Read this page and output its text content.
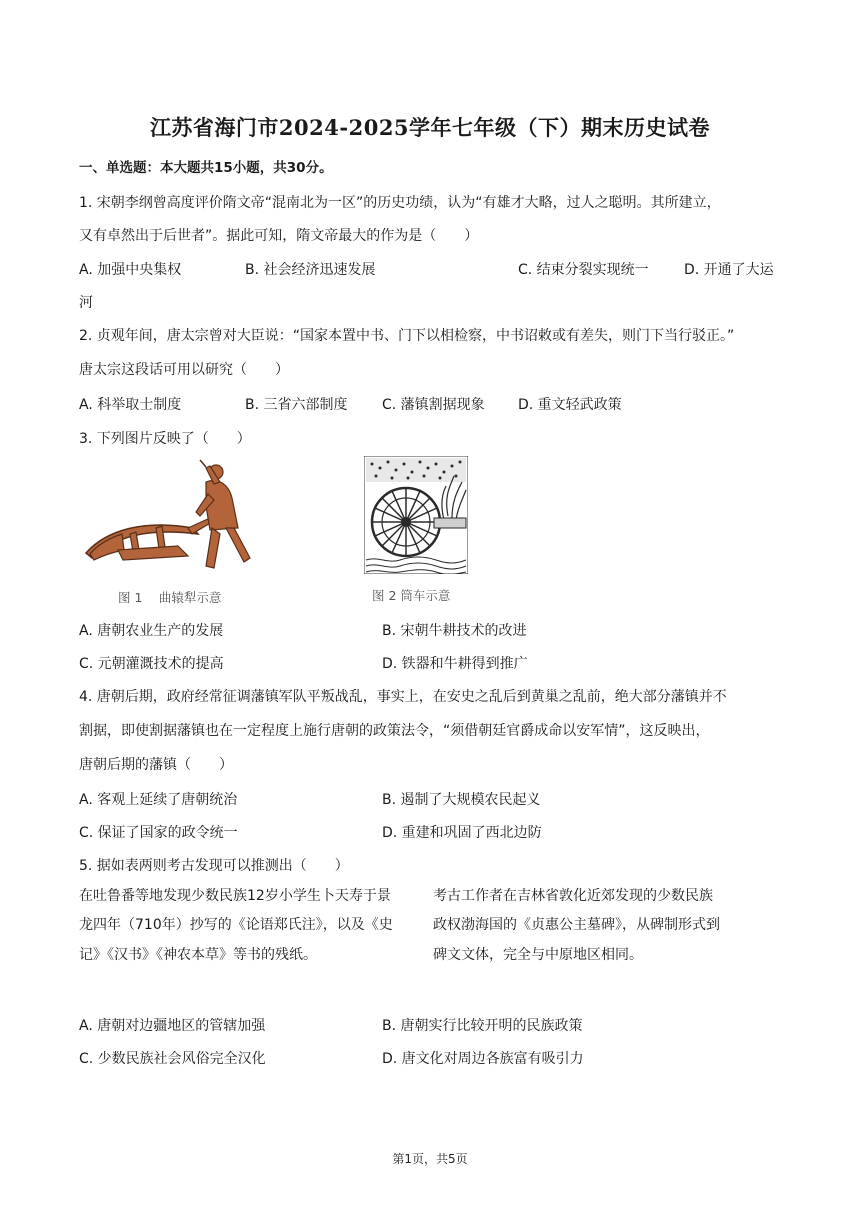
江苏省海门市2024-2025学年七年级（下）期末历史试卷
一、单选题：本大题共15小题，共30分。
1. 宋朝李纲曾高度评价隋文帝“混南北为一区”的历史功绩，认为“有雄才大略，过人之聪明。其所建立，
又有卓然出于后世者”。据此可知，隋文帝最大的作为是（　　）
A. 加强中央集权	B. 社会经济迅速发展	C. 结束分裂实现统一	D. 开通了大运
河
2. 贞观年间，唐太宗曾对大臣说：“国家本置中书、门下以相检察，中书诏敕或有差失，则门下当行驳正。”
唐太宗这段话可用以研究（　　）
A. 科举取士制度	B. 三省六部制度 C. 藩镇割据现象 D. 重文轻武政策
3. 下列图片反映了（　　）
图 1　 曲辕犁示意	图 2 筒车示意
A. 唐朝农业生产的发展	B. 宋朝牛耕技术的改进
C. 元朝灌溉技术的提高	D. 铁器和牛耕得到推广
4. 唐朝后期，政府经常征调藩镇军队平叛战乱，事实上，在安史之乱后到黄巢之乱前，绝大部分藩镇并不
割据，即使割据藩镇也在一定程度上施行唐朝的政策法令，“须借朝廷官爵成命以安军情”，这反映出，
唐朝后期的藩镇（　　）
A. 客观上延续了唐朝统治	B. 遏制了大规模农民起义
C. 保证了国家的政令统一	D. 重建和巩固了西北边防
5. 据如表两则考古发现可以推测出（　　）
在吐鲁番等地发现少数民族12岁小学生卜天寿于景
龙四年（710年）抄写的《论语郑氏注》，以及《史
记》《汉书》《神农本草》等书的残纸。
考古工作者在吉林省敦化近郊发现的少数民族
政权渤海国的《贞惠公主墓碑》，从碑制形式到
碑文文体，完全与中原地区相同。
A. 唐朝对边疆地区的管辖加强	B. 唐朝实行比较开明的民族政策
C. 少数民族社会风俗完全汉化	D. 唐文化对周边各族富有吸引力
第1页，共5页
